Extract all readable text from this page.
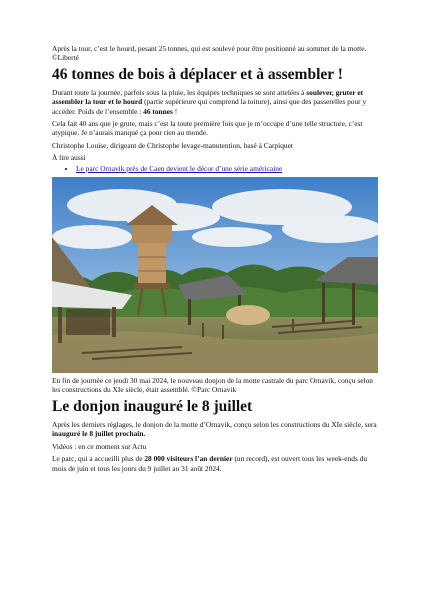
Après la tour, c’est le hourd, pesant 25 tonnes, qui est soulevé pour être positionné au sommet de la motte. ©Liberté

46 tonnes de bois à déplacer et à assembler !

Durant toute la journée, parfois sous la pluie, les équipes techniques se sont attelées à soulever, gruter et assembler la tour et le hourd (partie supérieure qui comprend la toiture), ainsi que des passerelles pour y accéder. Poids de l’ensemble : 46 tonnes !

Cela fait 40 ans que je grute, mais c’est la toute première fois que je m’occupe d’une telle structure, c’est atypique. Je n’aurais manqué ça pour rien au monde.

Christophe Louise, dirigeant de Christophe levage-manutention, basé à Carpiquet

À lire aussi

• Le parc Ornavik près de Caen devient le décor d’une série américaine

En fin de journée ce jeudi 30 mai 2024, le nouveau donjon de la motte castrale du parc Ornavik, conçu selon les constructions du XIe siècle, était assemblé. ©Parc Ornavik

Le donjon inauguré le 8 juillet

Après les derniers réglages, le donjon de la motte d’Ornavik, conçu selon les constructions du XIe siècle, sera inauguré le 8 juillet prochain.

Vidéos : en ce moment sur Actu

Le parc, qui a accueilli plus de 28 000 visiteurs l’an dernier (un record), est ouvert tous les week-ends du mois de juin et tous les jours du 9 juillet au 31 août 2024.
